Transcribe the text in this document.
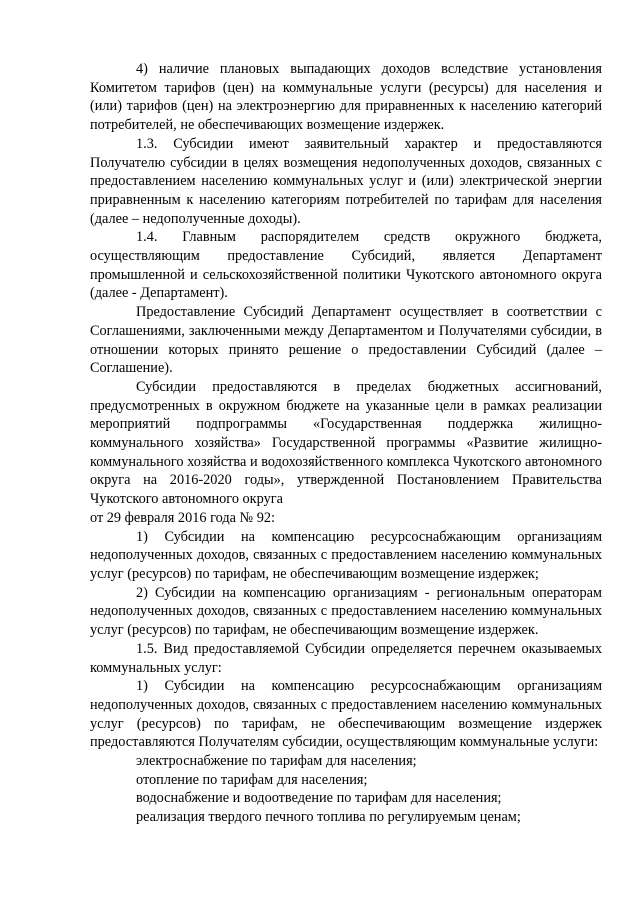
4) наличие плановых выпадающих доходов вследствие установления Комитетом тарифов (цен) на коммунальные услуги (ресурсы) для населения и (или) тарифов (цен) на электроэнергию для приравненных к населению категорий потребителей, не обеспечивающих возмещение издержек.

1.3. Субсидии имеют заявительный характер и предоставляются Получателю субсидии в целях возмещения недополученных доходов, связанных с предоставлением населению коммунальных услуг и (или) электрической энергии приравненным к населению категориям потребителей по тарифам для населения (далее – недополученные доходы).

1.4. Главным распорядителем средств окружного бюджета, осуществляющим предоставление Субсидий, является Департамент промышленной и сельскохозяйственной политики Чукотского автономного округа (далее - Департамент).

Предоставление Субсидий Департамент осуществляет в соответствии с Соглашениями, заключенными между Департаментом и Получателями субсидии, в отношении которых принято решение о предоставлении Субсидий (далее – Соглашение).

Субсидии предоставляются в пределах бюджетных ассигнований, предусмотренных в окружном бюджете на указанные цели в рамках реализации мероприятий подпрограммы «Государственная поддержка жилищно-коммунального хозяйства» Государственной программы «Развитие жилищно-коммунального хозяйства и водохозяйственного комплекса Чукотского автономного округа на 2016-2020 годы», утвержденной Постановлением Правительства Чукотского автономного округа

от 29 февраля 2016 года № 92:

1) Субсидии на компенсацию ресурсоснабжающим организациям недополученных доходов, связанных с предоставлением населению коммунальных услуг (ресурсов) по тарифам, не обеспечивающим возмещение издержек;

2) Субсидии на компенсацию организациям - региональным операторам недополученных доходов, связанных с предоставлением населению коммунальных услуг (ресурсов) по тарифам, не обеспечивающим возмещение издержек.

1.5. Вид предоставляемой Субсидии определяется перечнем оказываемых коммунальных услуг:

1) Субсидии на компенсацию ресурсоснабжающим организациям недополученных доходов, связанных с предоставлением населению коммунальных услуг (ресурсов) по тарифам, не обеспечивающим возмещение издержек предоставляются Получателям субсидии, осуществляющим коммунальные услуги:

электроснабжение по тарифам для населения;

отопление по тарифам для населения;

водоснабжение и водоотведение по тарифам для населения;

реализация твердого печного топлива по регулируемым ценам;
